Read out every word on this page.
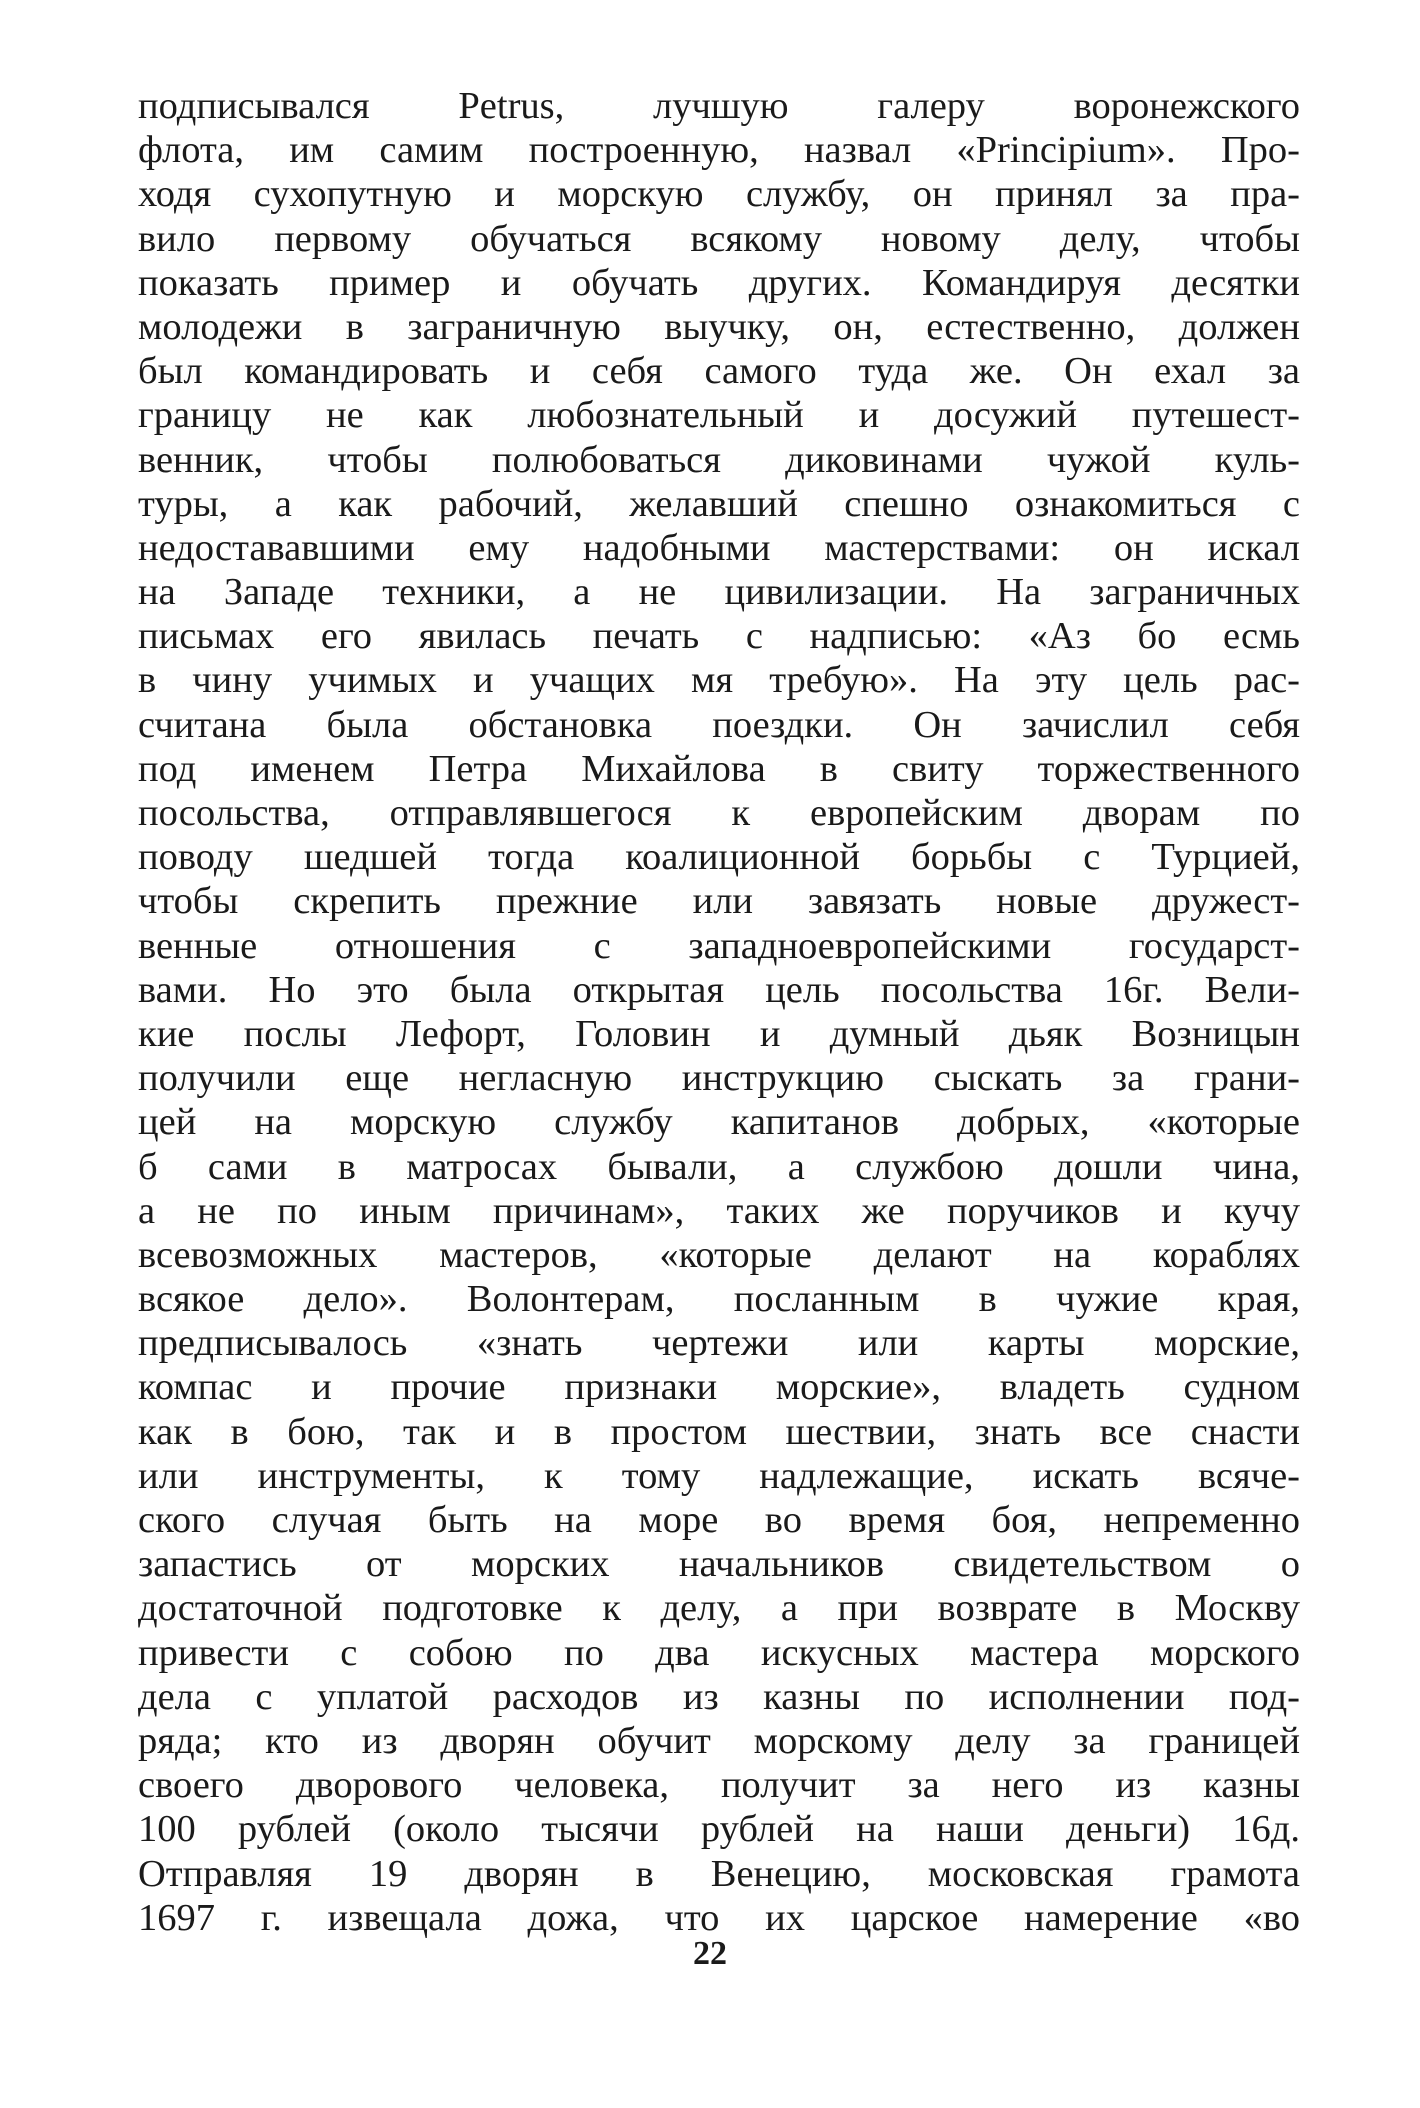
подписывался Petrus, лучшую галеру воронежского
флота, им самим построенную, назвал «Principium». Про-
ходя сухопутную и морскую службу, он принял за пра-
вило первому обучаться всякому новому делу, чтобы
показать пример и обучать других. Командируя десятки
молодежи в заграничную выучку, он, естественно, должен
был командировать и себя самого туда же. Он ехал за
границу не как любознательный и досужий путешест-
венник, чтобы полюбоваться диковинами чужой куль-
туры, а как рабочий, желавший спешно ознакомиться с
недостававшими ему надобными мастерствами: он искал
на Западе техники, а не цивилизации. На заграничных
письмах его явилась печать с надписью: «Аз бо есмь
в чину учимых и учащих мя требую». На эту цель рас-
считана была обстановка поездки. Он зачислил себя
под именем Петра Михайлова в свиту торжественного
посольства, отправлявшегося к европейским дворам по
поводу шедшей тогда коалиционной борьбы с Турцией,
чтобы скрепить прежние или завязать новые дружест-
венные отношения с западноевропейскими государст-
вами. Но это была открытая цель посольства 16г. Вели-
кие послы Лефорт, Головин и думный дьяк Возницын
получили еще негласную инструкцию сыскать за грани-
цей на морскую службу капитанов добрых, «которые
б сами в матросах бывали, а службою дошли чина,
а не по иным причинам», таких же поручиков и кучу
всевозможных мастеров, «которые делают на кораблях
всякое дело». Волонтерам, посланным в чужие края,
предписывалось «знать чертежи или карты морские,
компас и прочие признаки морские», владеть судном
как в бою, так и в простом шествии, знать все снасти
или инструменты, к тому надлежащие, искать всяче-
ского случая быть на море во время боя, непременно
запастись от морских начальников свидетельством о
достаточной подготовке к делу, а при возврате в Москву
привести с собою по два искусных мастера морского
дела с уплатой расходов из казны по исполнении под-
ряда; кто из дворян обучит морскому делу за границей
своего дворового человека, получит за него из казны
100 рублей (около тысячи рублей на наши деньги) 16д.
Отправляя 19 дворян в Венецию, московская грамота
1697 г. извещала дожа, что их царское намерение «во
22
